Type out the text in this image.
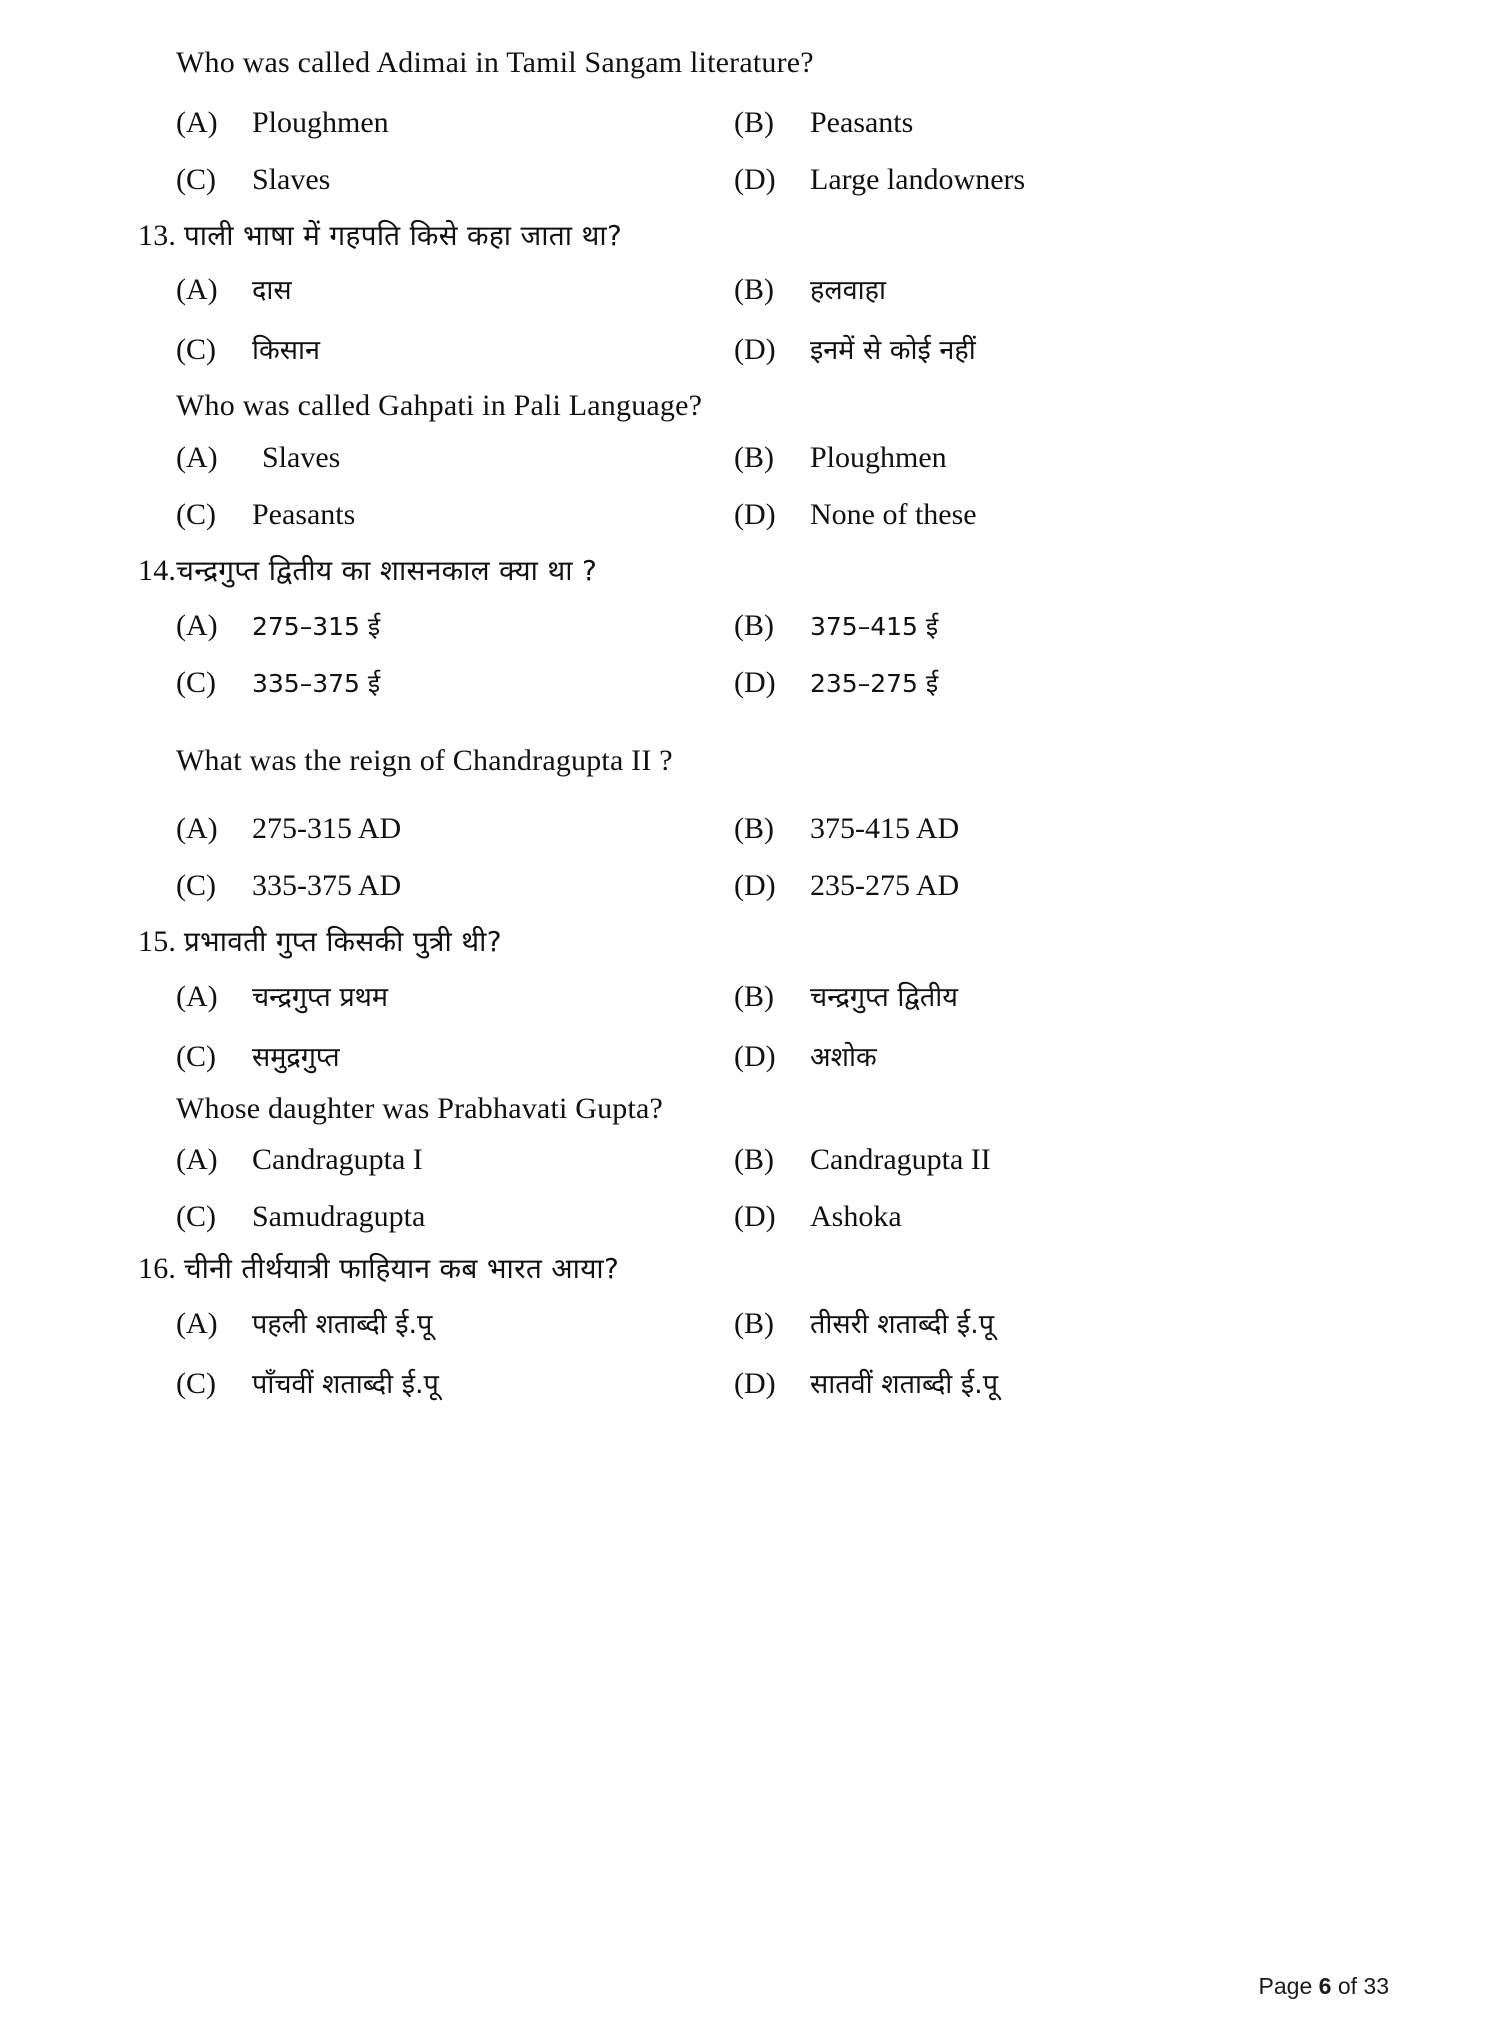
Who was called Adimai in Tamil Sangam literature?
(A)	Ploughmen	(B)	Peasants
(C)	Slaves	(D)	Large landowners
13. पाली भाषा में गहपति किसे कहा जाता था?
(A)	दास	(B)	हलवाहा
(C)	किसान	(D)	इनमें से कोई नहीं
Who was called Gahpati in Pali Language?
(A)	Slaves	(B)	Ploughmen
(C)	Peasants	(D)	None of these
14.चन्द्रगुप्त द्वितीय का शासनकाल क्या था ?
(A)	275–315 ई	(B)	375–415 ई
(C)	335–375 ई	(D)	235–275 ई
What was the reign of Chandragupta II ?
(A)	275-315 AD	(B)	375-415 AD
(C)	335-375 AD	(D)	235-275 AD
15. प्रभावती गुप्त किसकी पुत्री थी?
(A)	चन्द्रगुप्त प्रथम	(B)	चन्द्रगुप्त द्वितीय
(C)	समुद्रगुप्त	(D)	अशोक
Whose daughter was Prabhavati Gupta?
(A)	Candragupta I	(B)	Candragupta II
(C)	Samudragupta	(D)	Ashoka
16. चीनी तीर्थयात्री फाहियान कब भारत आया?
(A)	पहली शताब्दी ई.पू	(B)	तीसरी शताब्दी ई.पू
(C)	पाँचवीं शताब्दी ई.पू	(D)	सातवीं शताब्दी ई.पू
Page 6 of 33
